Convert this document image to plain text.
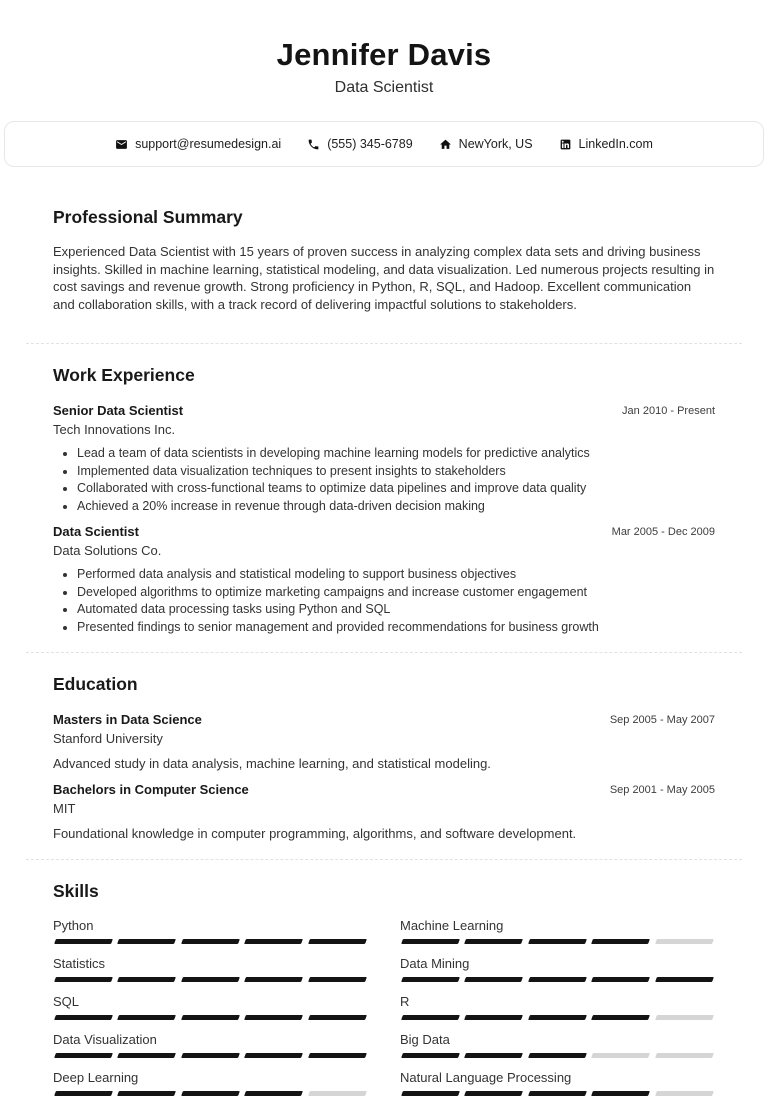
Jennifer Davis
Data Scientist
support@resumedesign.ai	(555) 345-6789	NewYork, US	LinkedIn.com
Professional Summary

Experienced Data Scientist with 15 years of proven success in analyzing complex data sets and driving business insights. Skilled in machine learning, statistical modeling, and data visualization. Led numerous projects resulting in cost savings and revenue growth. Strong proficiency in Python, R, SQL, and Hadoop. Excellent communication and collaboration skills, with a track record of delivering impactful solutions to stakeholders.

Work Experience
Senior Data Scientist	Jan 2010 - Present
Tech Innovations Inc.
• Lead a team of data scientists in developing machine learning models for predictive analytics
• Implemented data visualization techniques to present insights to stakeholders
• Collaborated with cross-functional teams to optimize data pipelines and improve data quality
• Achieved a 20% increase in revenue through data-driven decision making
Data Scientist	Mar 2005 - Dec 2009
Data Solutions Co.
• Performed data analysis and statistical modeling to support business objectives
• Developed algorithms to optimize marketing campaigns and increase customer engagement
• Automated data processing tasks using Python and SQL
• Presented findings to senior management and provided recommendations for business growth
Education
Masters in Data Science	Sep 2005 - May 2007
Stanford University
Advanced study in data analysis, machine learning, and statistical modeling.
Bachelors in Computer Science	Sep 2001 - May 2005
MIT
Foundational knowledge in computer programming, algorithms, and software development.
Skills
Python
Statistics
SQL
Data Visualization
Deep Learning
Machine Learning
Data Mining
R
Big Data
Natural Language Processing
